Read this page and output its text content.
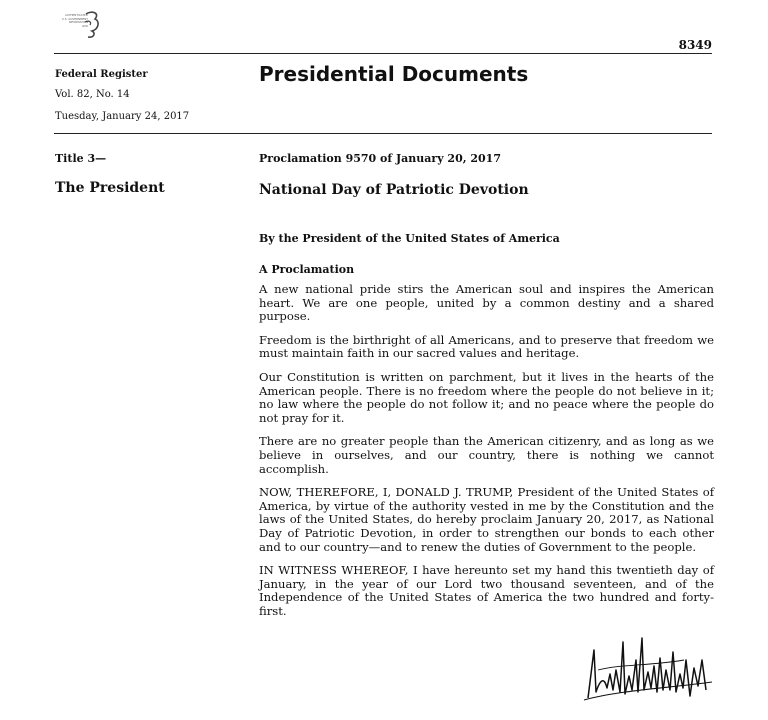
AUTHENTICATED
U.S. GOVERNMENT
INFORMATION
GPO
8349
Federal Register
Vol. 82, No. 14
Tuesday, January 24, 2017
Presidential Documents
Title 3—
The President
Proclamation 9570 of January 20, 2017
National Day of Patriotic Devotion
By the President of the United States of America
A Proclamation

A new national pride stirs the American soul and inspires the American heart. We are one people, united by a common destiny and a shared purpose.

Freedom is the birthright of all Americans, and to preserve that freedom we must maintain faith in our sacred values and heritage.

Our Constitution is written on parchment, but it lives in the hearts of the American people. There is no freedom where the people do not believe in it; no law where the people do not follow it; and no peace where the people do not pray for it.

There are no greater people than the American citizenry, and as long as we believe in ourselves, and our country, there is nothing we cannot accomplish.

NOW, THEREFORE, I, DONALD J. TRUMP, President of the United States of America, by virtue of the authority vested in me by the Constitution and the laws of the United States, do hereby proclaim January 20, 2017, as National Day of Patriotic Devotion, in order to strengthen our bonds to each other and to our country—and to renew the duties of Government to the people.

IN WITNESS WHEREOF, I have hereunto set my hand this twentieth day of January, in the year of our Lord two thousand seventeen, and of the Independence of the United States of America the two hundred and forty-first.
